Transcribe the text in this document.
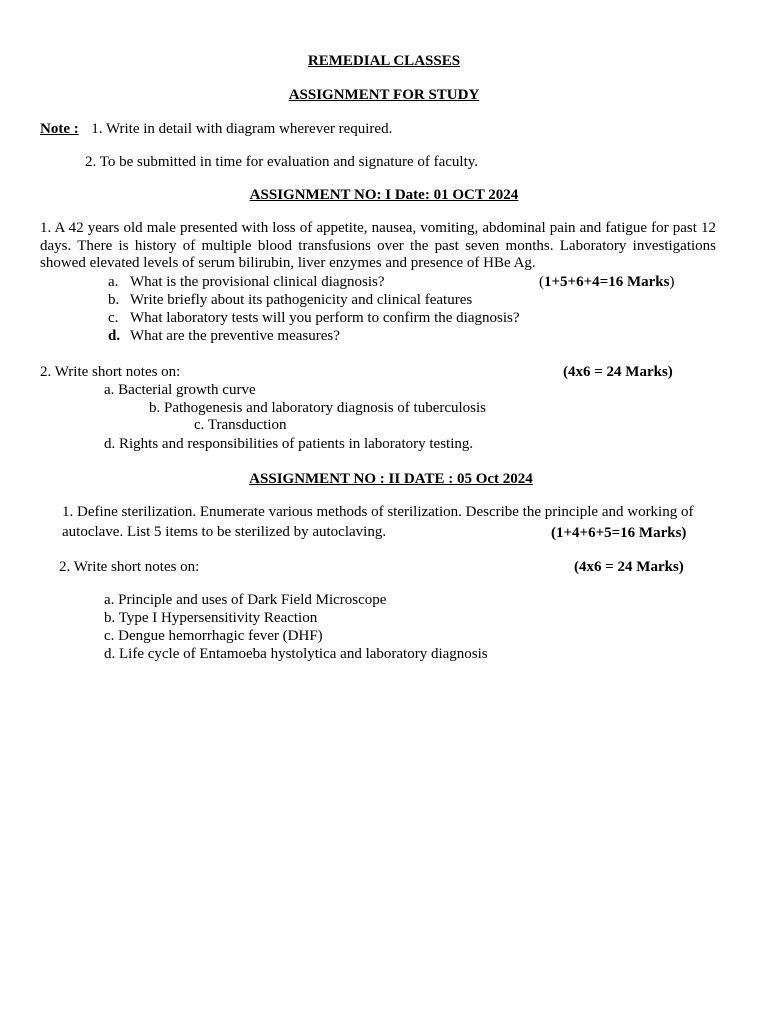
REMEDIAL CLASSES
ASSIGNMENT FOR STUDY
Note : 1. Write in detail with diagram wherever required.
2. To be submitted in time for evaluation and signature of faculty.
ASSIGNMENT NO: I Date: 01 OCT 2024
1. A 42 years old male presented with loss of appetite, nausea, vomiting, abdominal pain and fatigue for past 12 days. There is history of multiple blood transfusions over the past seven months. Laboratory investigations showed elevated levels of serum bilirubin, liver enzymes and presence of HBe Ag.
a. What is the provisional clinical diagnosis?	(1+5+6+4=16 Marks)
b. Write briefly about its pathogenicity and clinical features
c. What laboratory tests will you perform to confirm the diagnosis?
d. What are the preventive measures?
2. Write short notes on:	(4x6 = 24 Marks)
a. Bacterial growth curve
b. Pathogenesis and laboratory diagnosis of tuberculosis
c. Transduction
d. Rights and responsibilities of patients in laboratory testing.
ASSIGNMENT NO : II DATE : 05 Oct 2024
1. Define sterilization. Enumerate various methods of sterilization. Describe the principle and working of autoclave. List 5 items to be sterilized by autoclaving.	(1+4+6+5=16 Marks)
2. Write short notes on:	(4x6 = 24 Marks)
a. Principle and uses of Dark Field Microscope
b. Type I Hypersensitivity Reaction
c. Dengue hemorrhagic fever (DHF)
d. Life cycle of Entamoeba hystolytica and laboratory diagnosis
